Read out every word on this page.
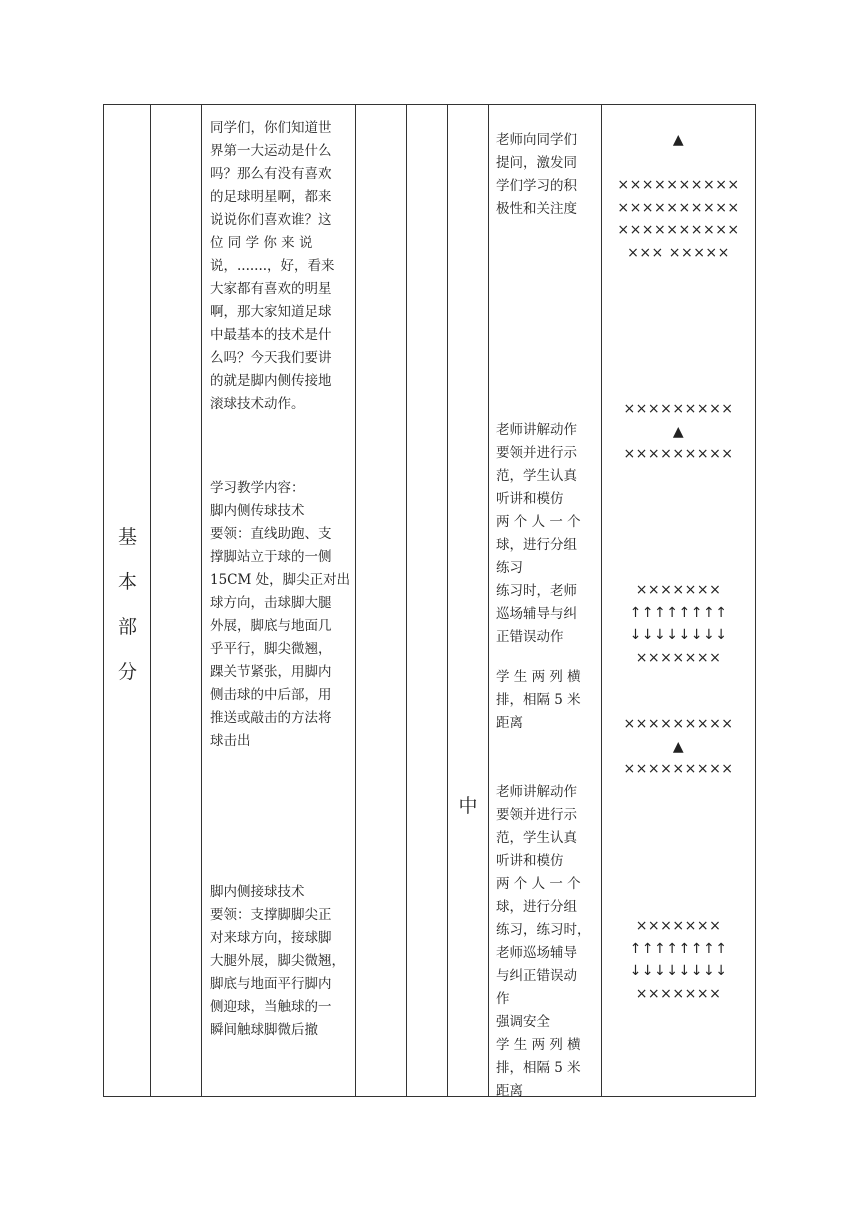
基
本
部
分
同学们，你们知道世
界第一大运动是什么
吗？那么有没有喜欢
的足球明星啊，都来
说说你们喜欢谁？这
位 同 学 你 来 说
说，.......，好，看来
大家都有喜欢的明星
啊，那大家知道足球
中最基本的技术是什
么吗？今天我们要讲
的就是脚内侧传接地
滚球技术动作。
学习教学内容：
脚内侧传球技术
要领：直线助跑、支
撑脚站立于球的一侧
15CM 处，脚尖正对出
球方向，击球脚大腿
外展，脚底与地面几
乎平行，脚尖微翘，
踝关节紧张，用脚内
侧击球的中后部，用
推送或敲击的方法将
球击出
脚内侧接球技术
要领：支撑脚脚尖正
对来球方向，接球脚
大腿外展，脚尖微翘，
脚底与地面平行脚内
侧迎球，当触球的一
瞬间触球脚微后撤
中
老师向同学们
提问，激发同
学们学习的积
极性和关注度
老师讲解动作
要领并进行示
范，学生认真
听讲和模仿
两 个 人 一 个
球，进行分组
练习
练习时，老师
巡场辅导与纠
正错误动作
学 生 两 列 横
排，相隔 5 米
距离
老师讲解动作
要领并进行示
范，学生认真
听讲和模仿
两 个 人 一 个
球，进行分组
练习，练习时，
老师巡场辅导
与纠正错误动
作
强调安全
学 生 两 列 横
排，相隔 5 米
距离
▲
××××××××××
××××××××××
××××××××××
××× ×××××
×××××××××
▲
×××××××××
×××××××
↑↑↑↑↑↑↑↑
↓↓↓↓↓↓↓↓
×××××××
×××××××××
▲
×××××××××
×××××××
↑↑↑↑↑↑↑↑
↓↓↓↓↓↓↓↓
×××××××
